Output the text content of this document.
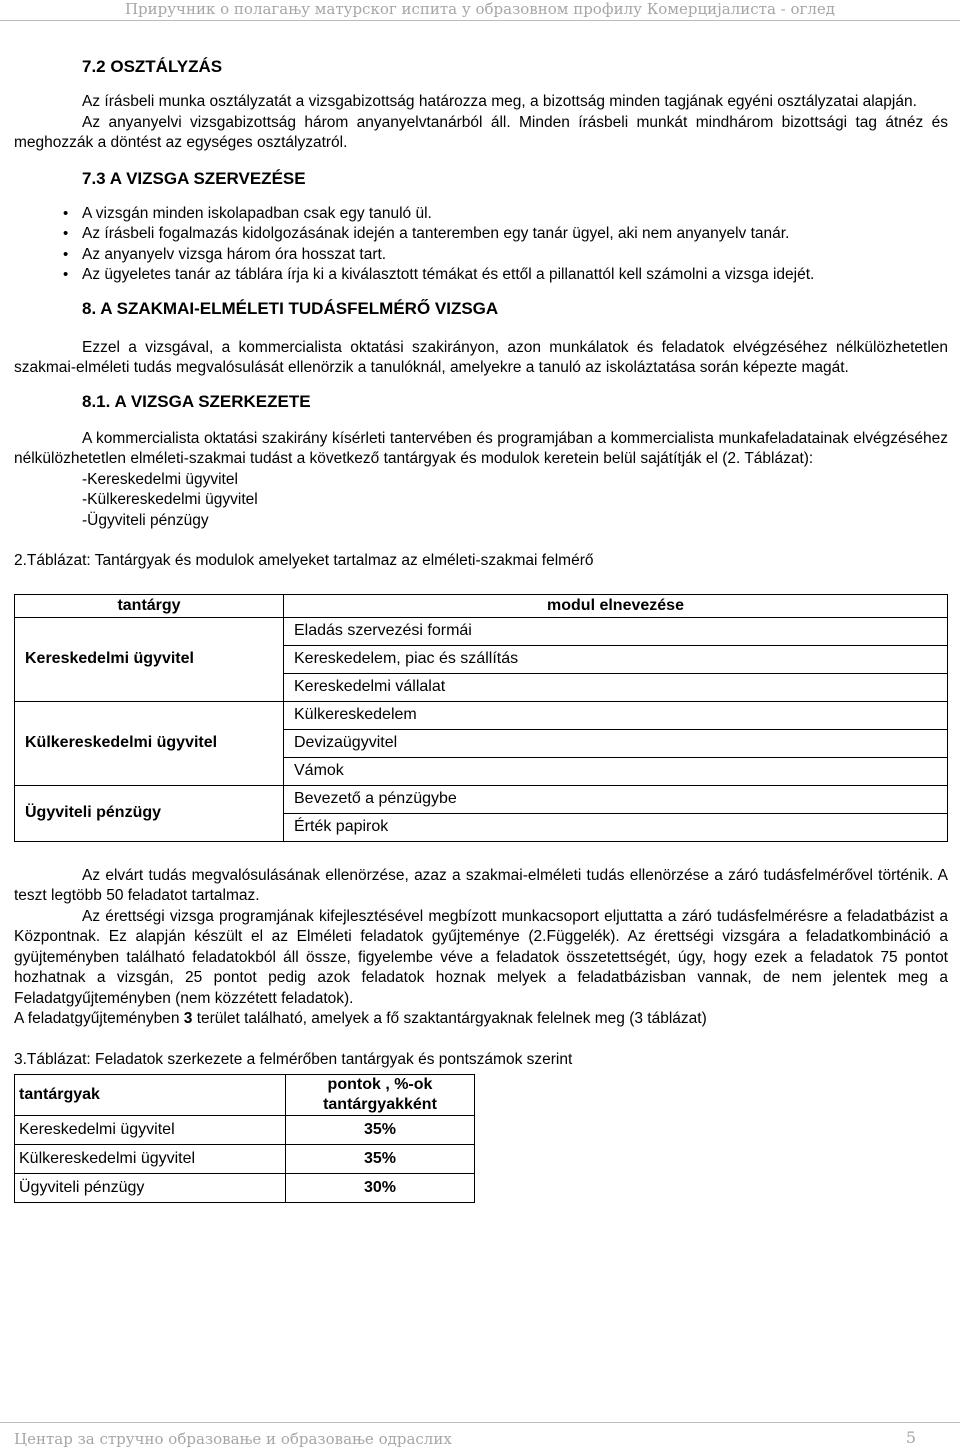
Приручник о полагању матурског испита у образовном профилу Комерцијалиста - оглед
7.2 OSZTÁLYZÁS

Az írásbeli munka osztályzatát a vizsgabizottság határozza meg, a bizottság minden tagjának egyéni osztályzatai alapján.

Az anyanyelvi vizsgabizottság három anyanyelvtanárból áll. Minden írásbeli munkát mindhárom bizottsági tag átnéz és meghozzák a döntést az egységes osztályzatról.

7.3 A VIZSGA SZERVEZÉSE
• A vizsgán minden iskolapadban csak egy tanuló ül.
• Az írásbeli fogalmazás kidolgozásának idején a tanteremben egy tanár ügyel, aki nem anyanyelv tanár.
• Az anyanyelv vizsga három óra hosszat tart.
• Az ügyeletes tanár az táblára írja ki a kiválasztott témákat és ettől a pillanattól kell számolni a vizsga idejét.
8. A SZAKMAI-ELMÉLETI TUDÁSFELMÉRŐ VIZSGA

Ezzel a vizsgával, a kommercialista oktatási szakirányon, azon munkálatok és feladatok elvégzéséhez nélkülözhetetlen szakmai-elméleti tudás megvalósulását ellenörzik a tanulóknál, amelyekre a tanuló az iskoláztatása során képezte magát.

8.1. A VIZSGA SZERKEZETE

A kommercialista oktatási szakirány kísérleti tantervében és programjában a kommercialista munkafeladatainak elvégzéséhez nélkülözhetetlen elméleti-szakmai tudást a következő tantárgyak és modulok keretein belül sajátítják el (2. Táblázat):

-Kereskedelmi ügyvitel

-Külkereskedelmi ügyvitel

-Ügyviteli pénzügy

2.Táblázat: Tantárgyak és modulok amelyeket tartalmaz az elméleti-szakmai felmérő

tantárgy	modul elnevezése
Kereskedelmi ügyvitel	Eladás szervezési formái
	Kereskedelem, piac és szállítás
	Kereskedelmi vállalat
Külkereskedelmi ügyvitel	Külkereskedelem
	Devizaügyvitel
	Vámok
Ügyviteli pénzügy	Bevezető a pénzügybe
	Érték papirok

Az elvárt tudás megvalósulásának ellenörzése, azaz a szakmai-elméleti tudás ellenörzése a záró tudásfelmérővel történik. A teszt legtöbb 50 feladatot tartalmaz.

Az érettségi vizsga programjának kifejlesztésével megbízott munkacsoport eljuttatta a záró tudásfelmérésre a feladatbázist a Központnak. Ez alapján készült el az Elméleti feladatok gyűjteménye (2.Függelék). Az érettségi vizsgára a feladatkombináció a gyüjteményben található feladatokból áll össze, figyelembe véve a feladatok összetettségét, úgy, hogy ezek a feladatok 75 pontot hozhatnak a vizsgán, 25 pontot pedig azok feladatok hoznak melyek a feladatbázisban vannak, de nem jelentek meg a Feladatgyűjteményben (nem közzétett feladatok).

A feladatgyűjteményben 3 terület található, amelyek a fő szaktantárgyaknak felelnek meg (3 táblázat)

3.Táblázat: Feladatok szerkezete a felmérőben tantárgyak és pontszámok szerint

tantárgyak	pontok , %-ok tantárgyakként
Kereskedelmi ügyvitel	35%
Külkereskedelmi ügyvitel	35%
Ügyviteli pénzügy	30%
Центар за стручно образовање и образовање одраслих	5
